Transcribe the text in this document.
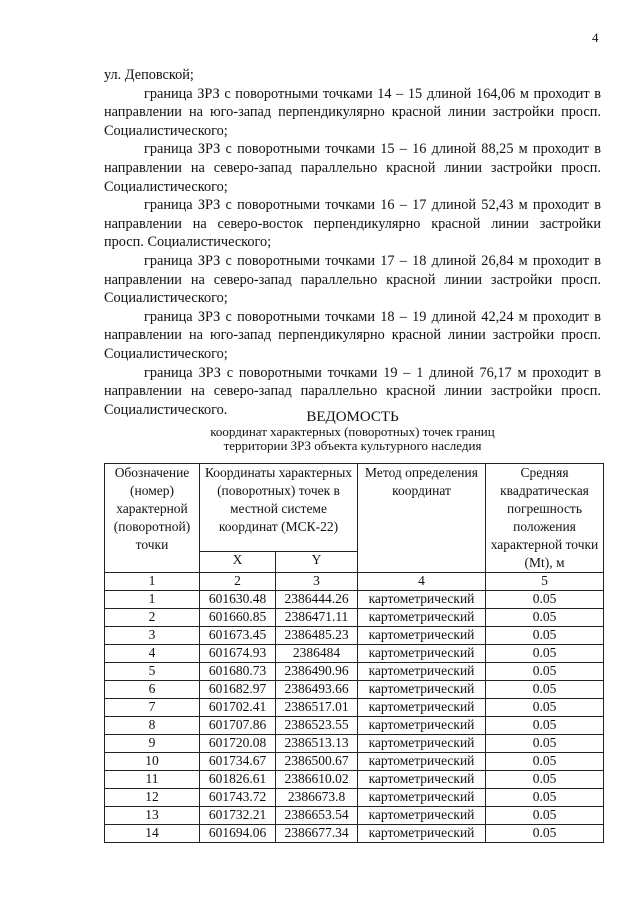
4

ул. Деповской;

граница ЗРЗ с поворотными точками 14 – 15 длиной 164,06 м проходит в направлении на юго-запад перпендикулярно красной линии застройки просп. Социалистического;

граница ЗРЗ с поворотными точками 15 – 16 длиной 88,25 м проходит в направлении на северо-запад параллельно красной линии застройки просп. Социалистического;

граница ЗРЗ с поворотными точками 16 – 17 длиной 52,43 м проходит в направлении на северо-восток перпендикулярно красной линии застройки просп. Социалистического;

граница ЗРЗ с поворотными точками 17 – 18 длиной 26,84 м проходит в направлении на северо-запад параллельно красной линии застройки просп. Социалистического;

граница ЗРЗ с поворотными точками 18 – 19 длиной 42,24 м проходит в направлении на юго-запад перпендикулярно красной линии застройки просп. Социалистического;

граница ЗРЗ с поворотными точками 19 – 1 длиной 76,17 м проходит в направлении на северо-запад параллельно красной линии застройки просп. Социалистического.	ВЕДОМОСТЬ
координат характерных (поворотных) точек границ
территории ЗРЗ объекта культурного наследия
Обозначение (номер) характерной (поворотной) точки	Координаты характерных (поворотных) точек в местной системе координат (МСК-22)		Метод определения координат	Средняя квадратическая погрешность положения характерной точки (Mt), м

	X	Y		
1	2	3	4	5
1	601630.48	2386444.26	картометрический	0.05
2	601660.85	2386471.11	картометрический	0.05
3	601673.45	2386485.23	картометрический	0.05
4	601674.93	2386484	картометрический	0.05
5	601680.73	2386490.96	картометрический	0.05
6	601682.97	2386493.66	картометрический	0.05
7	601702.41	2386517.01	картометрический	0.05
8	601707.86	2386523.55	картометрический	0.05
9	601720.08	2386513.13	картометрический	0.05
10	601734.67	2386500.67	картометрический	0.05
11	601826.61	2386610.02	картометрический	0.05
12	601743.72	2386673.8	картометрический	0.05
13	601732.21	2386653.54	картометрический	0.05
14	601694.06	2386677.34	картометрический	0.05
